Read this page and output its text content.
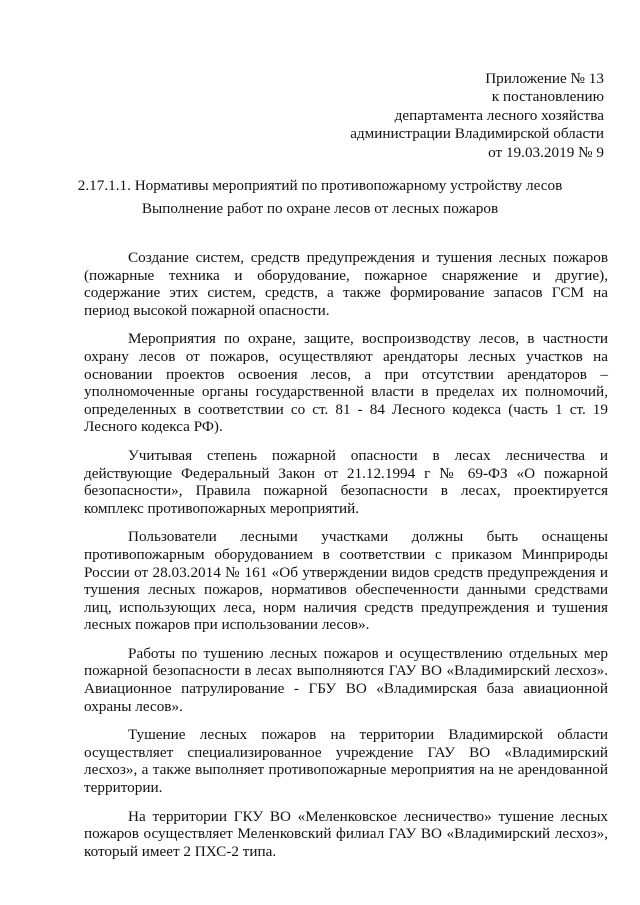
Приложение № 13
к постановлению
департамента лесного хозяйства
администрации Владимирской области
от 19.03.2019 № 9
2.17.1.1. Нормативы мероприятий по противопожарному устройству лесов
Выполнение работ по охране лесов от лесных пожаров

Создание систем, средств предупреждения и тушения лесных пожаров (пожарные техника и оборудование, пожарное снаряжение и другие), содержание этих систем, средств, а также формирование запасов ГСМ на период высокой пожарной опасности.

Мероприятия по охране, защите, воспроизводству лесов, в частности охрану лесов от пожаров, осуществляют арендаторы лесных участков на основании проектов освоения лесов, а при отсутствии арендаторов – уполномоченные органы государственной власти в пределах их полномочий, определенных в соответствии со ст. 81 - 84 Лесного кодекса (часть 1 ст. 19 Лесного кодекса РФ).

Учитывая степень пожарной опасности в лесах лесничества и действующие Федеральный Закон от 21.12.1994 г № 69-ФЗ «О пожарной безопасности», Правила пожарной безопасности в лесах, проектируется комплекс противопожарных мероприятий.

Пользователи лесными участками должны быть оснащены противопожарным оборудованием в соответствии с приказом Минприроды России от 28.03.2014 № 161 «Об утверждении видов средств предупреждения и тушения лесных пожаров, нормативов обеспеченности данными средствами лиц, использующих леса, норм наличия средств предупреждения и тушения лесных пожаров при использовании лесов».

Работы по тушению лесных пожаров и осуществлению отдельных мер пожарной безопасности в лесах выполняются ГАУ ВО «Владимирский лесхоз». Авиационное патрулирование - ГБУ ВО «Владимирская база авиационной охраны лесов».

Тушение лесных пожаров на территории Владимирской области осуществляет специализированное учреждение ГАУ ВО «Владимирский лесхоз», а также выполняет противопожарные мероприятия на не арендованной территории.

На территории ГКУ ВО «Меленковское лесничество» тушение лесных пожаров осуществляет Меленковский филиал ГАУ ВО «Владимирский лесхоз», который имеет 2 ПХС-2 типа.
